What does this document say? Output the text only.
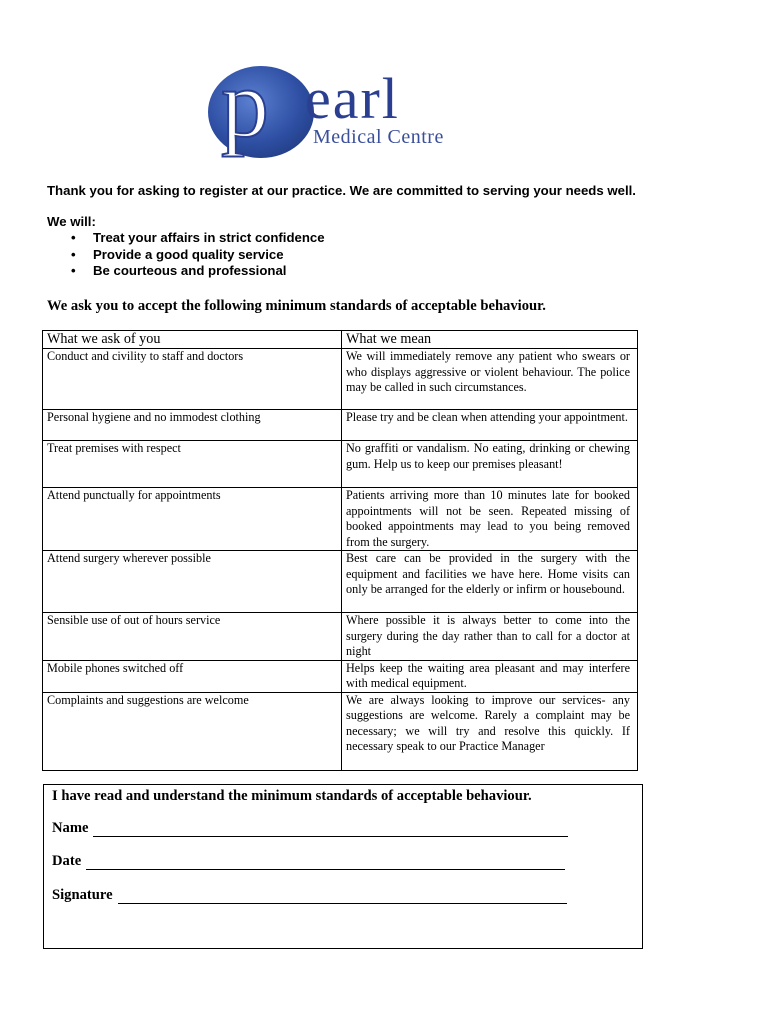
p earl
Medical Centre
Thank you for asking to register at our practice. We are committed to serving your needs well.
We will:
• Treat your affairs in strict confidence
• Provide a good quality service
• Be courteous and professional
We ask you to accept the following minimum standards of acceptable behaviour.
What we ask of you	What we mean
Conduct and civility to staff and doctors	We will immediately remove any patient who swears or who displays aggressive or violent behaviour. The police may be called in such circumstances.
Personal hygiene and no immodest clothing	Please try and be clean when attending your appointment.
Treat premises with respect	No graffiti or vandalism. No eating, drinking or chewing gum. Help us to keep our premises pleasant!
Attend punctually for appointments	Patients arriving more than 10 minutes late for booked appointments will not be seen. Repeated missing of booked appointments may lead to you being removed from the surgery.
Attend surgery wherever possible	Best care can be provided in the surgery with the equipment and facilities we have here. Home visits can only be arranged for the elderly or infirm or housebound.
Sensible use of out of hours service	Where possible it is always better to come into the surgery during the day rather than to call for a doctor at night
Mobile phones switched off	Helps keep the waiting area pleasant and may interfere with medical equipment.
Complaints and suggestions are welcome	We are always looking to improve our services- any suggestions are welcome. Rarely a complaint may be necessary; we will try and resolve this quickly. If necessary speak to our Practice Manager
I have read and understand the minimum standards of acceptable behaviour.
Name
Date
Signature
